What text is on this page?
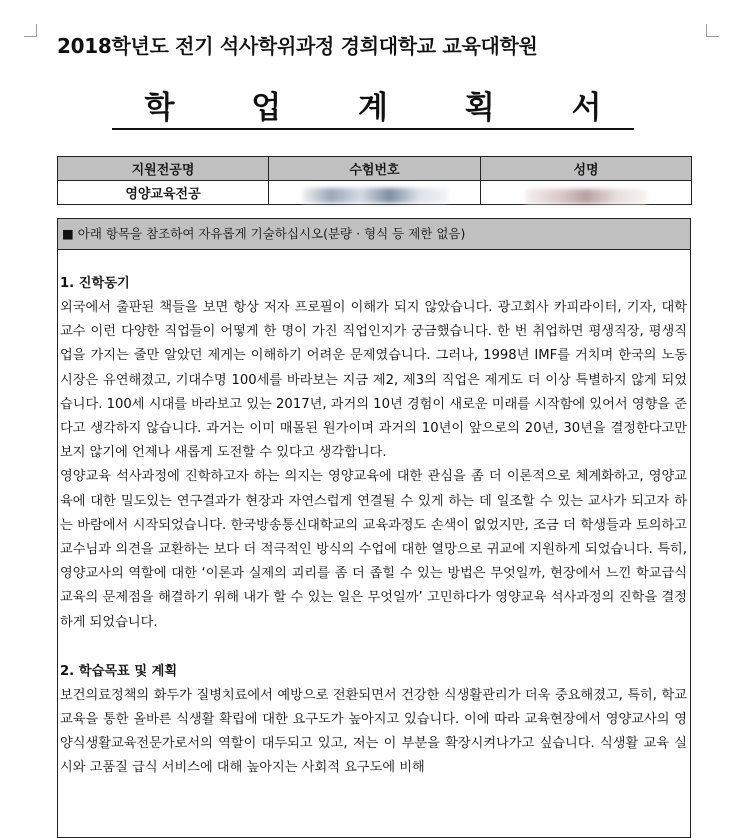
2018학년도 전기 석사학위과정 경희대학교 교육대학원
학 업 계 획 서
지원전공명	수험번호	성명
영양교육전공		
■ 아래 항목을 참조하여 자유롭게 기술하십시오(분량 · 형식 등 제한 없음)
1. 진학동기

외국에서 출판된 책들을 보면 항상 저자 프로필이 이해가 되지 않았습니다. 광고회사 카피라이터, 기자, 대학교수 이런 다양한 직업들이 어떻게 한 명이 가진 직업인지가 궁금했습니다. 한 번 취업하면 평생직장, 평생직업을 가지는 줄만 알았던 제게는 이해하기 어려운 문제였습니다. 그러나, 1998년 IMF를 거치며 한국의 노동시장은 유연해졌고, 기대수명 100세를 바라보는 지금 제2, 제3의 직업은 제게도 더 이상 특별하지 않게 되었습니다. 100세 시대를 바라보고 있는 2017년, 과거의 10년 경험이 새로운 미래를 시작함에 있어서 영향을 준다고 생각하지 않습니다. 과거는 이미 매몰된 원가이며 과거의 10년이 앞으로의 20년, 30년을 결정한다고만 보지 않기에 언제나 새롭게 도전할 수 있다고 생각합니다.

영양교육 석사과정에 진학하고자 하는 의지는 영양교육에 대한 관심을 좀 더 이론적으로 체계화하고, 영양교육에 대한 밀도있는 연구결과가 현장과 자연스럽게 연결될 수 있게 하는 데 일조할 수 있는 교사가 되고자 하는 바람에서 시작되었습니다. 한국방송통신대학교의 교육과정도 손색이 없었지만, 조금 더 학생들과 토의하고 교수님과 의견을 교환하는 보다 더 적극적인 방식의 수업에 대한 열망으로 귀교에 지원하게 되었습니다. 특히, 영양교사의 역할에 대한 ‘이론과 실제의 괴리를 좀 더 좁힐 수 있는 방법은 무엇일까, 현장에서 느낀 학교급식교육의 문제점을 해결하기 위해 내가 할 수 있는 일은 무엇일까’ 고민하다가 영양교육 석사과정의 진학을 결정하게 되었습니다.

2. 학습목표 및 계획

보건의료정책의 화두가 질병치료에서 예방으로 전환되면서 건강한 식생활관리가 더욱 중요해졌고, 특히, 학교 교육을 통한 올바른 식생활 확립에 대한 요구도가 높아지고 있습니다. 이에 따라 교육현장에서 영양교사의 영양식생활교육전문가로서의 역할이 대두되고 있고, 저는 이 부분을 확장시켜나가고 싶습니다. 식생활 교육 실시와 고품질 급식 서비스에 대해 높아지는 사회적 요구도에 비해
